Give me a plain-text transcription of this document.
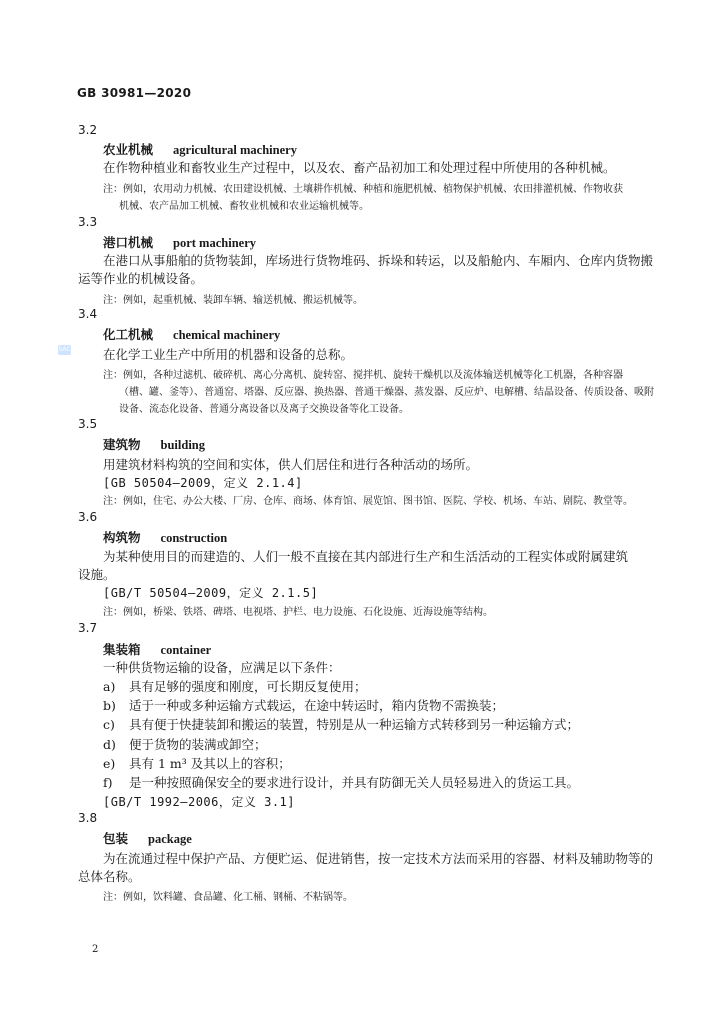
GB 30981—2020
SAC
3.2
农业机械 agricultural machinery
在作物种植业和畜牧业生产过程中，以及农、畜产品初加工和处理过程中所使用的各种机械。
注：例如，农用动力机械、农田建设机械、土壤耕作机械、种植和施肥机械、植物保护机械、农田排灌机械、作物收获
机械、农产品加工机械、畜牧业机械和农业运输机械等。
3.3
港口机械 port machinery
在港口从事船舶的货物装卸，库场进行货物堆码、拆垛和转运，以及船舱内、车厢内、仓库内货物搬
运等作业的机械设备。
注：例如，起重机械、装卸车辆、输送机械、搬运机械等。
3.4
化工机械 chemical machinery
在化学工业生产中所用的机器和设备的总称。
注：例如，各种过滤机、破碎机、离心分离机、旋转窑、搅拌机、旋转干燥机以及流体输送机械等化工机器，各种容器
（槽、罐、釜等）、普通窑、塔器、反应器、换热器、普通干燥器、蒸发器、反应炉、电解槽、结晶设备、传质设备、吸附
设备、流态化设备、普通分离设备以及离子交换设备等化工设备。
3.5
建筑物 building
用建筑材料构筑的空间和实体，供人们居住和进行各种活动的场所。
[GB 50504—2009，定义 2.1.4]
注：例如，住宅、办公大楼、厂房、仓库、商场、体育馆、展览馆、图书馆、医院、学校、机场、车站、剧院、教堂等。
3.6
构筑物 construction
为某种使用目的而建造的、人们一般不直接在其内部进行生产和生活活动的工程实体或附属建筑
设施。
[GB/T 50504—2009，定义 2.1.5]
注：例如，桥梁、铁塔、碑塔、电视塔、护栏、电力设施、石化设施、近海设施等结构。
3.7
集装箱 container
一种供货物运输的设备，应满足以下条件：
a) 具有足够的强度和刚度，可长期反复使用；
b) 适于一种或多种运输方式载运，在途中转运时，箱内货物不需换装；
c) 具有便于快捷装卸和搬运的装置，特别是从一种运输方式转移到另一种运输方式；
d) 便于货物的装满或卸空；
e) 具有 1 m³ 及其以上的容积；
f) 是一种按照确保安全的要求进行设计，并具有防御无关人员轻易进入的货运工具。
[GB/T 1992—2006，定义 3.1]
3.8
包装 package
为在流通过程中保护产品、方便贮运、促进销售，按一定技术方法而采用的容器、材料及辅助物等的
总体名称。
注：例如，饮料罐、食品罐、化工桶、钢桶、不粘锅等。
2
